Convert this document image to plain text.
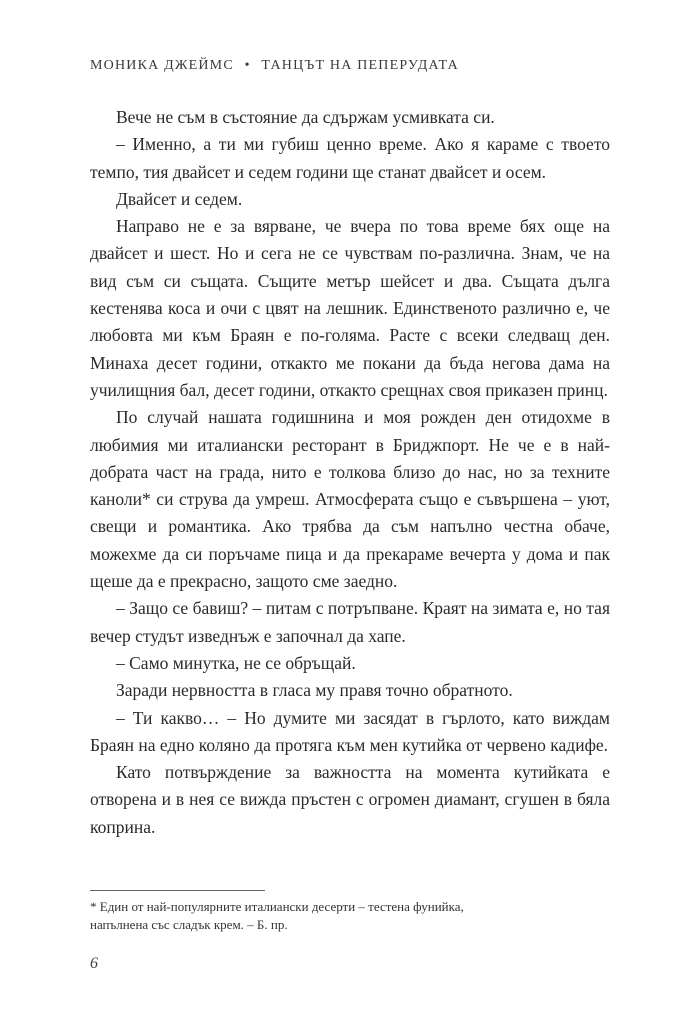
МОНИКА ДЖЕЙМС • ТАНЦЪТ НА ПЕПЕРУДАТА

Вече не съм в състояние да сдържам усмивката си.

– Именно, а ти ми губиш ценно време. Ако я караме с твоето темпо, тия двайсет и седем години ще станат двайсет и осем.

Двайсет и седем.

Направо не е за вярване, че вчера по това време бях още на двайсет и шест. Но и сега не се чувствам по-различна. Знам, че на вид съм си същата. Същите метър шейсет и два. Същата дълга кестенява коса и очи с цвят на лешник. Единственото различно е, че любовта ми към Браян е по-голяма. Расте с всеки следващ ден. Минаха десет години, откакто ме покани да бъда негова дама на училищния бал, десет години, откакто срещнах своя приказен принц.

По случай нашата годишнина и моя рожден ден отидохме в любимия ми италиански ресторант в Бриджпорт. Не че е в най-добрата част на града, нито е толкова близо до нас, но за техните каноли* си струва да умреш. Атмосферата също е съвършена – уют, свещи и романтика. Ако трябва да съм напълно честна обаче, можехме да си поръчаме пица и да прекараме вечерта у дома и пак щеше да е прекрасно, защото сме заедно.

– Защо се бавиш? – питам с потръпване. Краят на зимата е, но тая вечер студът изведнъж е започнал да хапе.

– Само минутка, не се обръщай.

Заради нервността в гласа му правя точно обратното.

– Ти какво… – Но думите ми засядат в гърлото, като виждам Браян на едно коляно да протяга към мен кутийка от червено кадифе.

Като потвърждение за важността на момента кутийката е отворена и в нея се вижда пръстен с огромен диамант, сгушен в бяла коприна.

* Един от най-популярните италиански десерти – тестена фунийка, напълнена със сладък крем. – Б. пр.

6
